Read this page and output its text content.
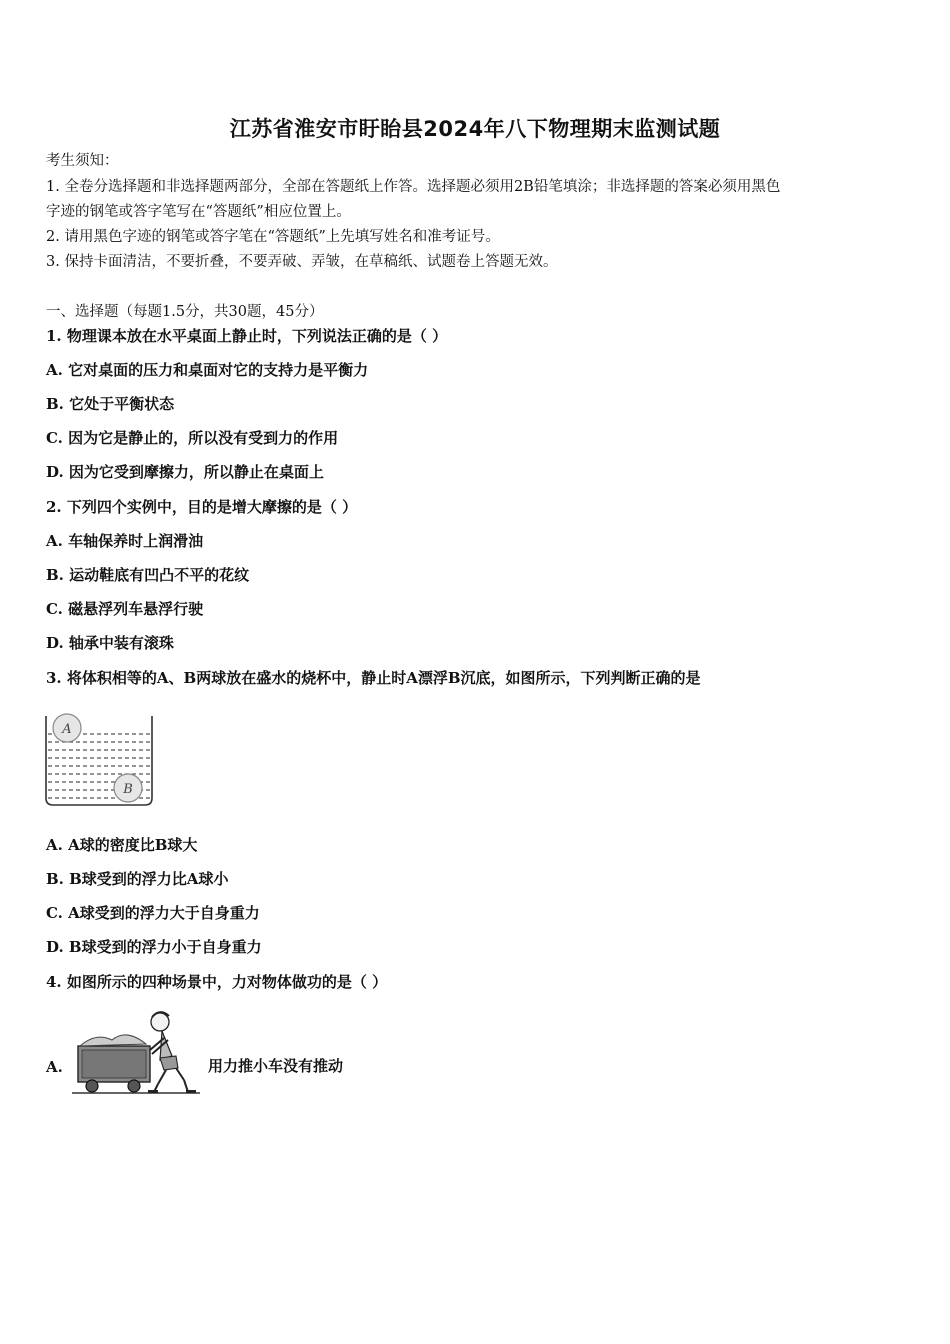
江苏省淮安市盱眙县2024年八下物理期末监测试题
考生须知：
1. 全卷分选择题和非选择题两部分，全部在答题纸上作答。选择题必须用2B铅笔填涂；非选择题的答案必须用黑色
字迹的钢笔或答字笔写在“答题纸”相应位置上。
2. 请用黑色字迹的钢笔或答字笔在“答题纸”上先填写姓名和准考证号。
3. 保持卡面清洁，不要折叠，不要弄破、弄皱，在草稿纸、试题卷上答题无效。
一、选择题（每题1.5分，共30题，45分）
1. 物理课本放在水平桌面上静止时，下列说法正确的是（ ）
A. 它对桌面的压力和桌面对它的支持力是平衡力
B. 它处于平衡状态
C. 因为它是静止的，所以没有受到力的作用
D. 因为它受到摩擦力，所以静止在桌面上
2. 下列四个实例中，目的是增大摩擦的是（ ）
A. 车轴保养时上润滑油
B. 运动鞋底有凹凸不平的花纹
C. 磁悬浮列车悬浮行驶
D. 轴承中装有滚珠
3. 将体积相等的A、B两球放在盛水的烧杯中，静止时A漂浮B沉底，如图所示，下列判断正确的是
A
B
A. A球的密度比B球大
B. B球受到的浮力比A球小
C. A球受到的浮力大于自身重力
D. B球受到的浮力小于自身重力
4. 如图所示的四种场景中，力对物体做功的是（ ）
A.	用力推小车没有推动
